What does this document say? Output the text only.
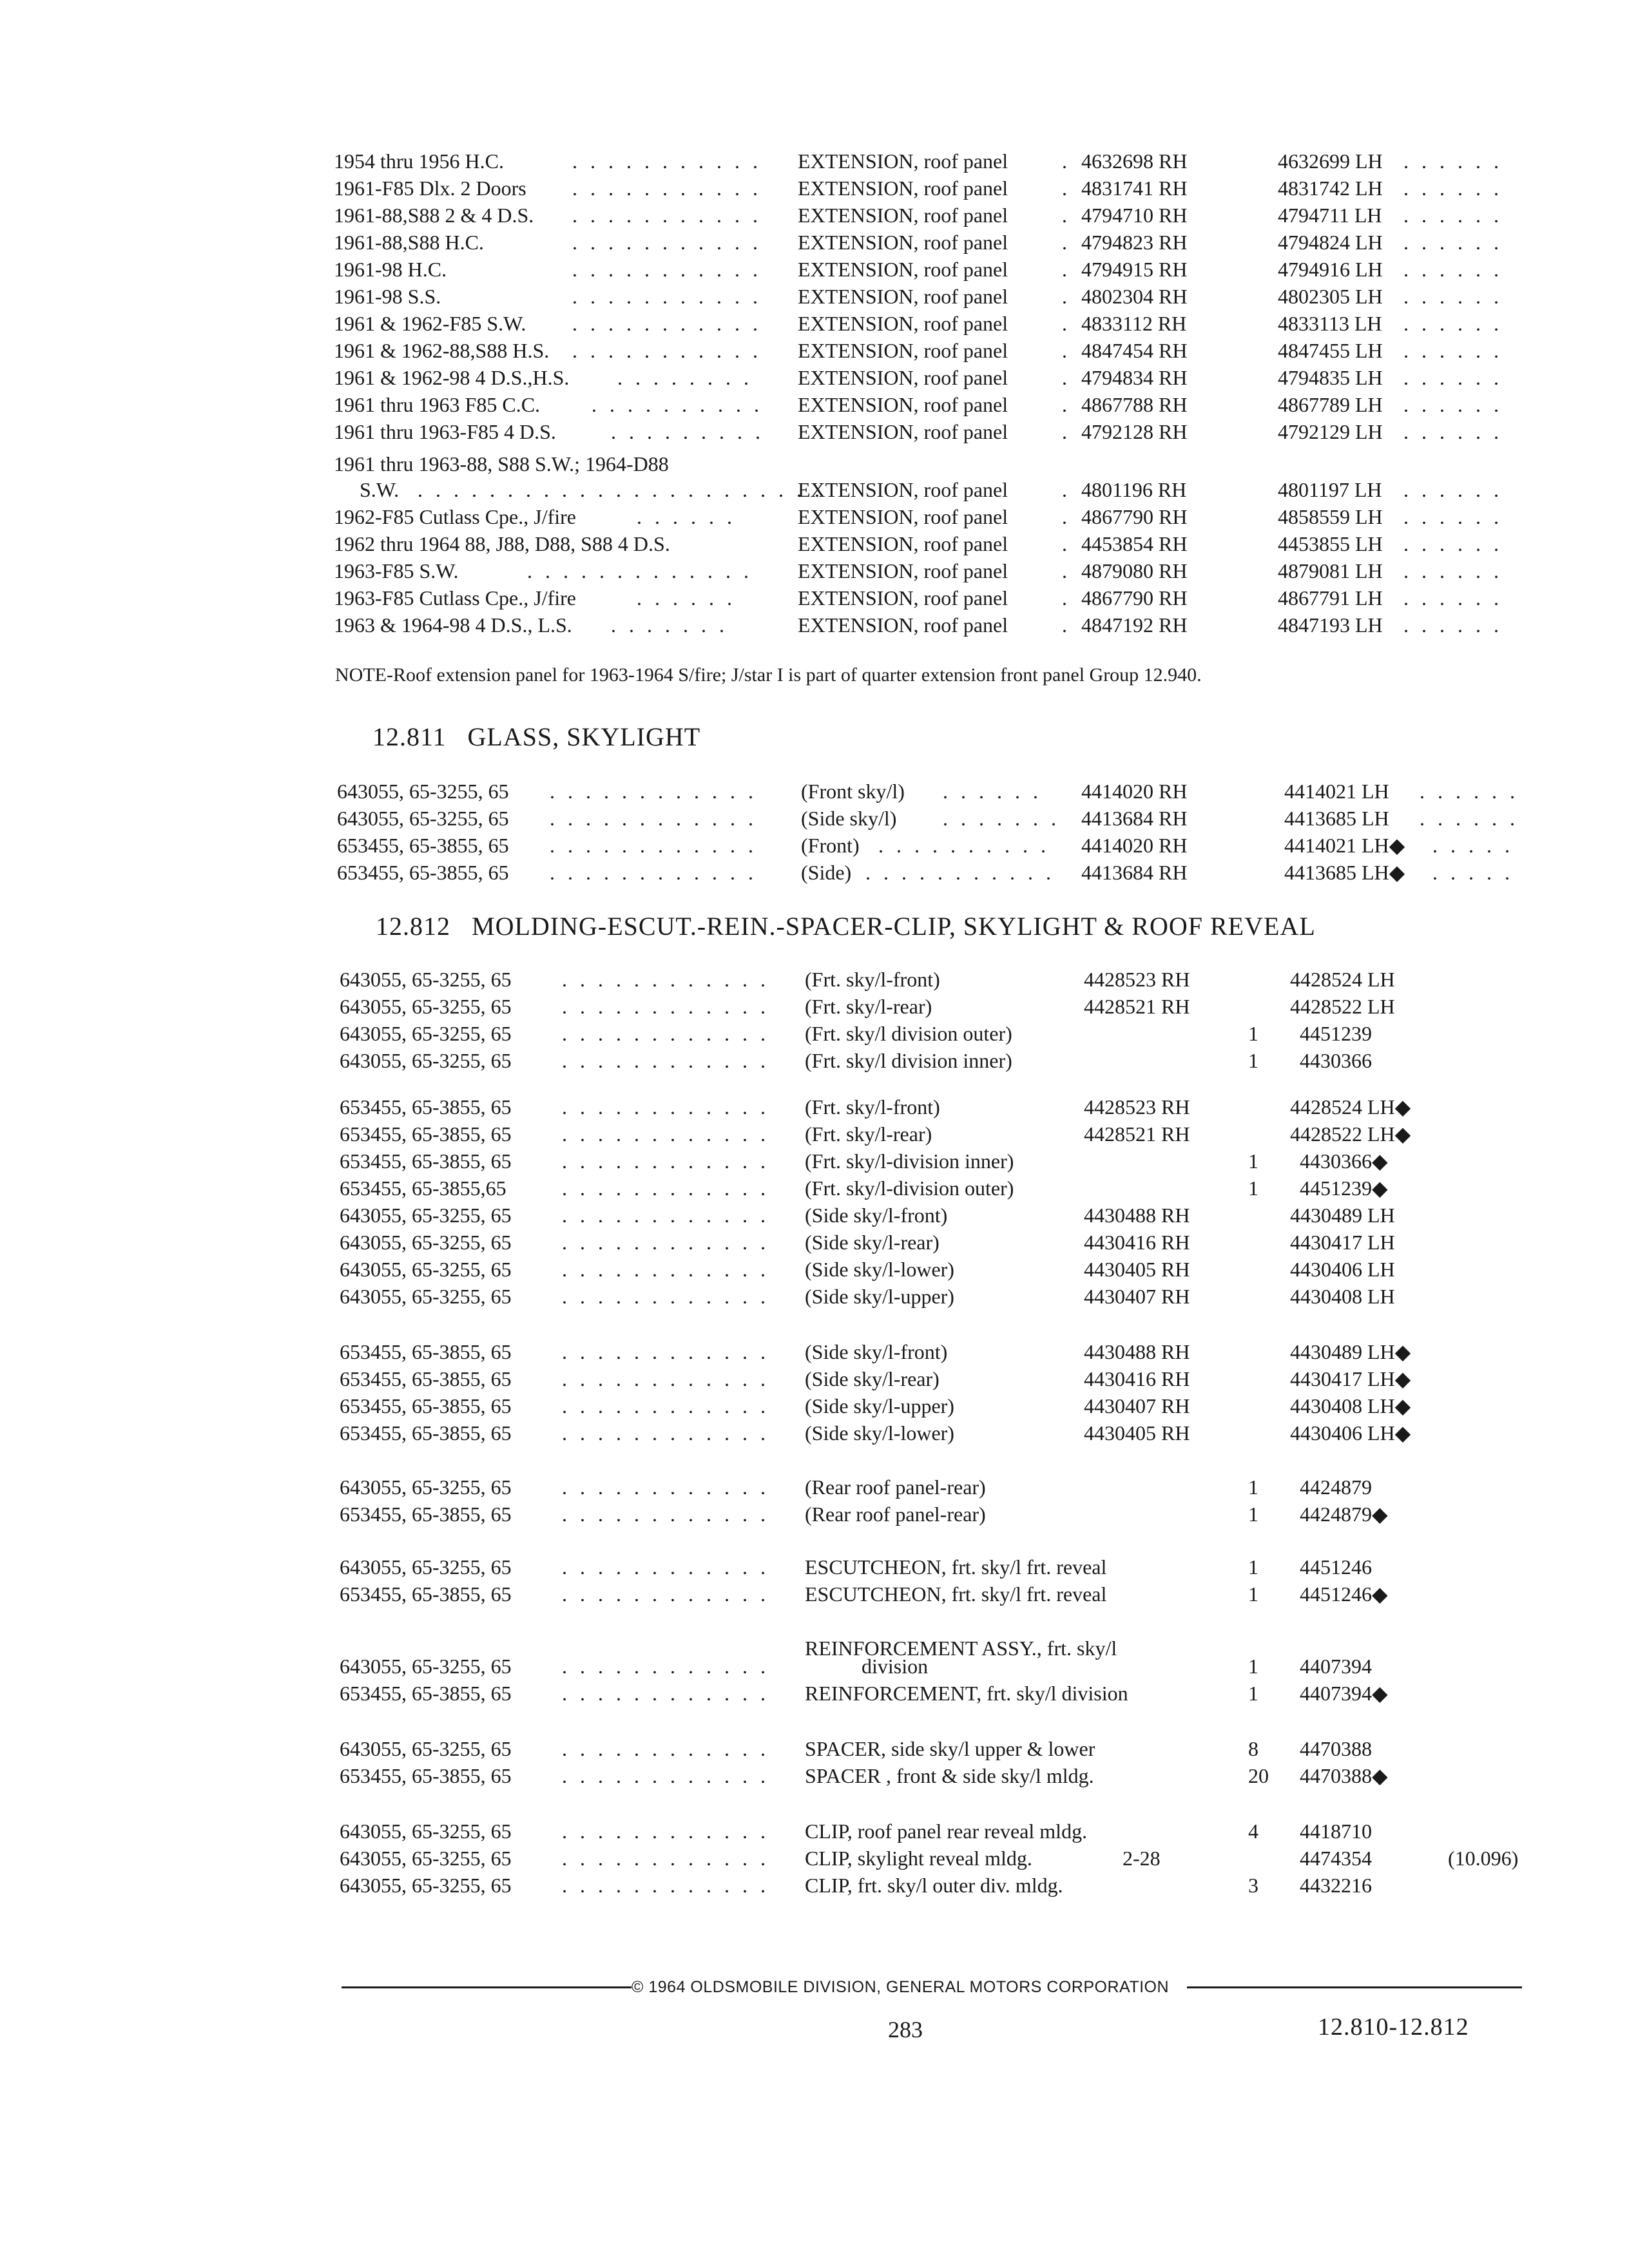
1954 thru 1956 H.C.	. . . . . . . . . . . EXTENSION, roof panel	. 4632698 RH	4632699 LH . . . . . .
1961-F85 Dlx. 2 Doors . . . . . . . . . . . EXTENSION, roof panel	. 4831741 RH	4831742 LH . . . . . .
1961-88,S88 2 & 4 D.S. . . . . . . . . . . . EXTENSION, roof panel	. 4794710 RH	4794711 LH . . . . . .
1961-88,S88 H.C.	. . . . . . . . . . . EXTENSION, roof panel	. 4794823 RH	4794824 LH . . . . . .
1961-98 H.C.	. . . . . . . . . . . EXTENSION, roof panel	. 4794915 RH	4794916 LH . . . . . .
1961-98 S.S.	. . . . . . . . . . . EXTENSION, roof panel	. 4802304 RH	4802305 LH . . . . . .
1961 & 1962-F85 S.W. . . . . . . . . . . . EXTENSION, roof panel	. 4833112 RH	4833113 LH . . . . . .
1961 & 1962-88,S88 H.S. . . . . . . . . . . . EXTENSION, roof panel	. 4847454 RH	4847455 LH . . . . . .
1961 & 1962-98 4 D.S.,H.S. . . . . . . . . EXTENSION, roof panel	. 4794834 RH	4794835 LH . . . . . .
1961 thru 1963 F85 C.C. . . . . . . . . . . EXTENSION, roof panel	. 4867788 RH	4867789 LH . . . . . .
1961 thru 1963-F85 4 D.S.	. . . . . . . . . EXTENSION, roof panel	. 4792128 RH	4792129 LH . . . . . .
1961 thru 1963-88, S88 S.W.; 1964-D88
S.W. . . . . . . . . . . . . . . . . . . . . . . .
EXTENSION, roof panel	. 4801196 RH	4801197 LH . . . . . .
1962-F85 Cutlass Cpe., J/fire	. . . . . .	EXTENSION, roof panel	. 4867790 RH	4858559 LH . . . . . .
1962 thru 1964 88, J88, D88, S88 4 D.S.	EXTENSION, roof panel	. 4453854 RH	4453855 LH . . . . . .
1963-F85 S.W.	. . . . . . . . . . . . . EXTENSION, roof panel	. 4879080 RH	4879081 LH . . . . . .
1963-F85 Cutlass Cpe., J/fire	. . . . . .	EXTENSION, roof panel	. 4867790 RH	4867791 LH . . . . . .
1963 & 1964-98 4 D.S., L.S. . . . . . . .	EXTENSION, roof panel	. 4847192 RH	4847193 LH . . . . . .
NOTE-Roof extension panel for 1963-1964 S/fire; J/star I is part of quarter extension front panel Group 12.940.
12.811 GLASS, SKYLIGHT
643055, 65-3255, 65 . . . . . . . . . . . . (Front sky/l) . . . . . . 4414020 RH	4414021 LH . . . . . .
643055, 65-3255, 65 . . . . . . . . . . . . (Side sky/l) . . . . . . . 4413684 RH	4413685 LH . . . . . .
653455, 65-3855, 65 . . . . . . . . . . . . (Front) . . . . . . . . . . 4414020 RH	4414021 LH◆ . . . . .
653455, 65-3855, 65 . . . . . . . . . . . . (Side) . . . . . . . . . . . 4413684 RH	4413685 LH◆ . . . . .
12.812 MOLDING-ESCUT.-REIN.-SPACER-CLIP, SKYLIGHT & ROOF REVEAL
643055, 65-3255, 65 . . . . . . . . . . . . (Frt. sky/l-front)	4428523 RH	4428524 LH
643055, 65-3255, 65 . . . . . . . . . . . . (Frt. sky/l-rear)	4428521 RH	4428522 LH
643055, 65-3255, 65 . . . . . . . . . . . . (Frt. sky/l division outer)	1 4451239
643055, 65-3255, 65 . . . . . . . . . . . . (Frt. sky/l division inner)	1 4430366
653455, 65-3855, 65 . . . . . . . . . . . . (Frt. sky/l-front)	4428523 RH	4428524 LH◆
653455, 65-3855, 65 . . . . . . . . . . . . (Frt. sky/l-rear)	4428521 RH	4428522 LH◆
653455, 65-3855, 65 . . . . . . . . . . . . (Frt. sky/l-division inner)	1 4430366◆
653455, 65-3855,65	. . . . . . . . . . . . (Frt. sky/l-division outer)	1 4451239◆
643055, 65-3255, 65 . . . . . . . . . . . . (Side sky/l-front)	4430488 RH	4430489 LH
643055, 65-3255, 65 . . . . . . . . . . . . (Side sky/l-rear)	4430416 RH	4430417 LH
643055, 65-3255, 65 . . . . . . . . . . . . (Side sky/l-lower)	4430405 RH	4430406 LH
643055, 65-3255, 65 . . . . . . . . . . . . (Side sky/l-upper)	4430407 RH	4430408 LH
653455, 65-3855, 65 . . . . . . . . . . . . (Side sky/l-front)	4430488 RH	4430489 LH◆
653455, 65-3855, 65 . . . . . . . . . . . . (Side sky/l-rear)	4430416 RH	4430417 LH◆
653455, 65-3855, 65 . . . . . . . . . . . . (Side sky/l-upper)	4430407 RH	4430408 LH◆
653455, 65-3855, 65 . . . . . . . . . . . . (Side sky/l-lower)	4430405 RH	4430406 LH◆
643055, 65-3255, 65 . . . . . . . . . . . . (Rear roof panel-rear)	1 4424879
653455, 65-3855, 65 . . . . . . . . . . . . (Rear roof panel-rear)	1 4424879◆
643055, 65-3255, 65 . . . . . . . . . . . . ESCUTCHEON, frt. sky/l frt. reveal	1 4451246
653455, 65-3855, 65 . . . . . . . . . . . . ESCUTCHEON, frt. sky/l frt. reveal	1 4451246◆
REINFORCEMENT ASSY., frt. sky/l
643055, 65-3255, 65 . . . . . . . . . . . .	division	1 4407394
653455, 65-3855, 65 . . . . . . . . . . . . REINFORCEMENT, frt. sky/l division	1 4407394◆
643055, 65-3255, 65 . . . . . . . . . . . . SPACER, side sky/l upper & lower	8 4470388
653455, 65-3855, 65 . . . . . . . . . . . . SPACER , front & side sky/l mldg.	20 4470388◆
643055, 65-3255, 65 . . . . . . . . . . . . CLIP, roof panel rear reveal mldg.	4 4418710
643055, 65-3255, 65 . . . . . . . . . . . . CLIP, skylight reveal mldg.	2-28	4474354	(10.096)
643055, 65-3255, 65 . . . . . . . . . . . . CLIP, frt. sky/l outer div. mldg.	3 4432216
© 1964 OLDSMOBILE DIVISION, GENERAL MOTORS CORPORATION
283	12.810-12.812
